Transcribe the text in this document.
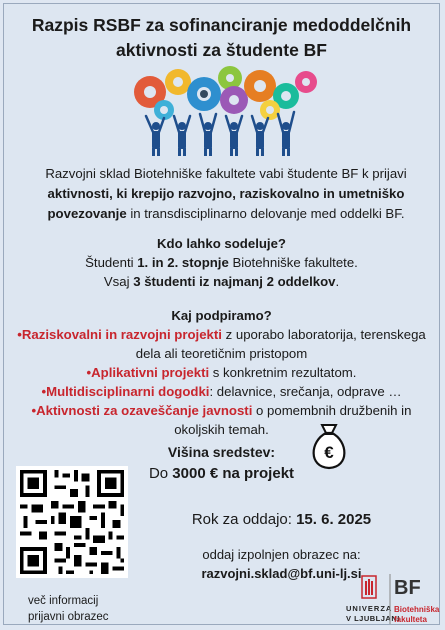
Razpis RSBF za sofinanciranje medoddelčnih
aktivnosti za študente BF
Razvojni sklad Biotehniške fakultete vabi študente BF k prijavi aktivnosti, ki krepijo razvojno, raziskovalno in umetniško povezovanje in transdisciplinarno delovanje med oddelki BF.
Kdo lahko sodeluje?
Študenti 1. in 2. stopnje Biotehniške fakultete.
Vsaj 3 študenti iz najmanj 2 oddelkov.
Kaj podpiramo?
•Raziskovalni in razvojni projekti z uporabo laboratorija, terenskega
dela ali teoretičnim pristopom
•Aplikativni projekti s konkretnim rezultatom.
•Multidisciplinarni dogodki: delavnice, srečanja, odprave …
•Aktivnosti za ozaveščanje javnosti o pomembnih družbenih in
okoljskih temah.
Višina sredstev:
Do 3000 € na projekt
€
Rok za oddajo: 15. 6. 2025
oddaj izpolnjen obrazec na:
razvojni.sklad@bf.uni-lj.si
več informacij
prijavni obrazec
UNIVERZA
V LJUBLJANI
BF
Biotehniška
fakulteta
